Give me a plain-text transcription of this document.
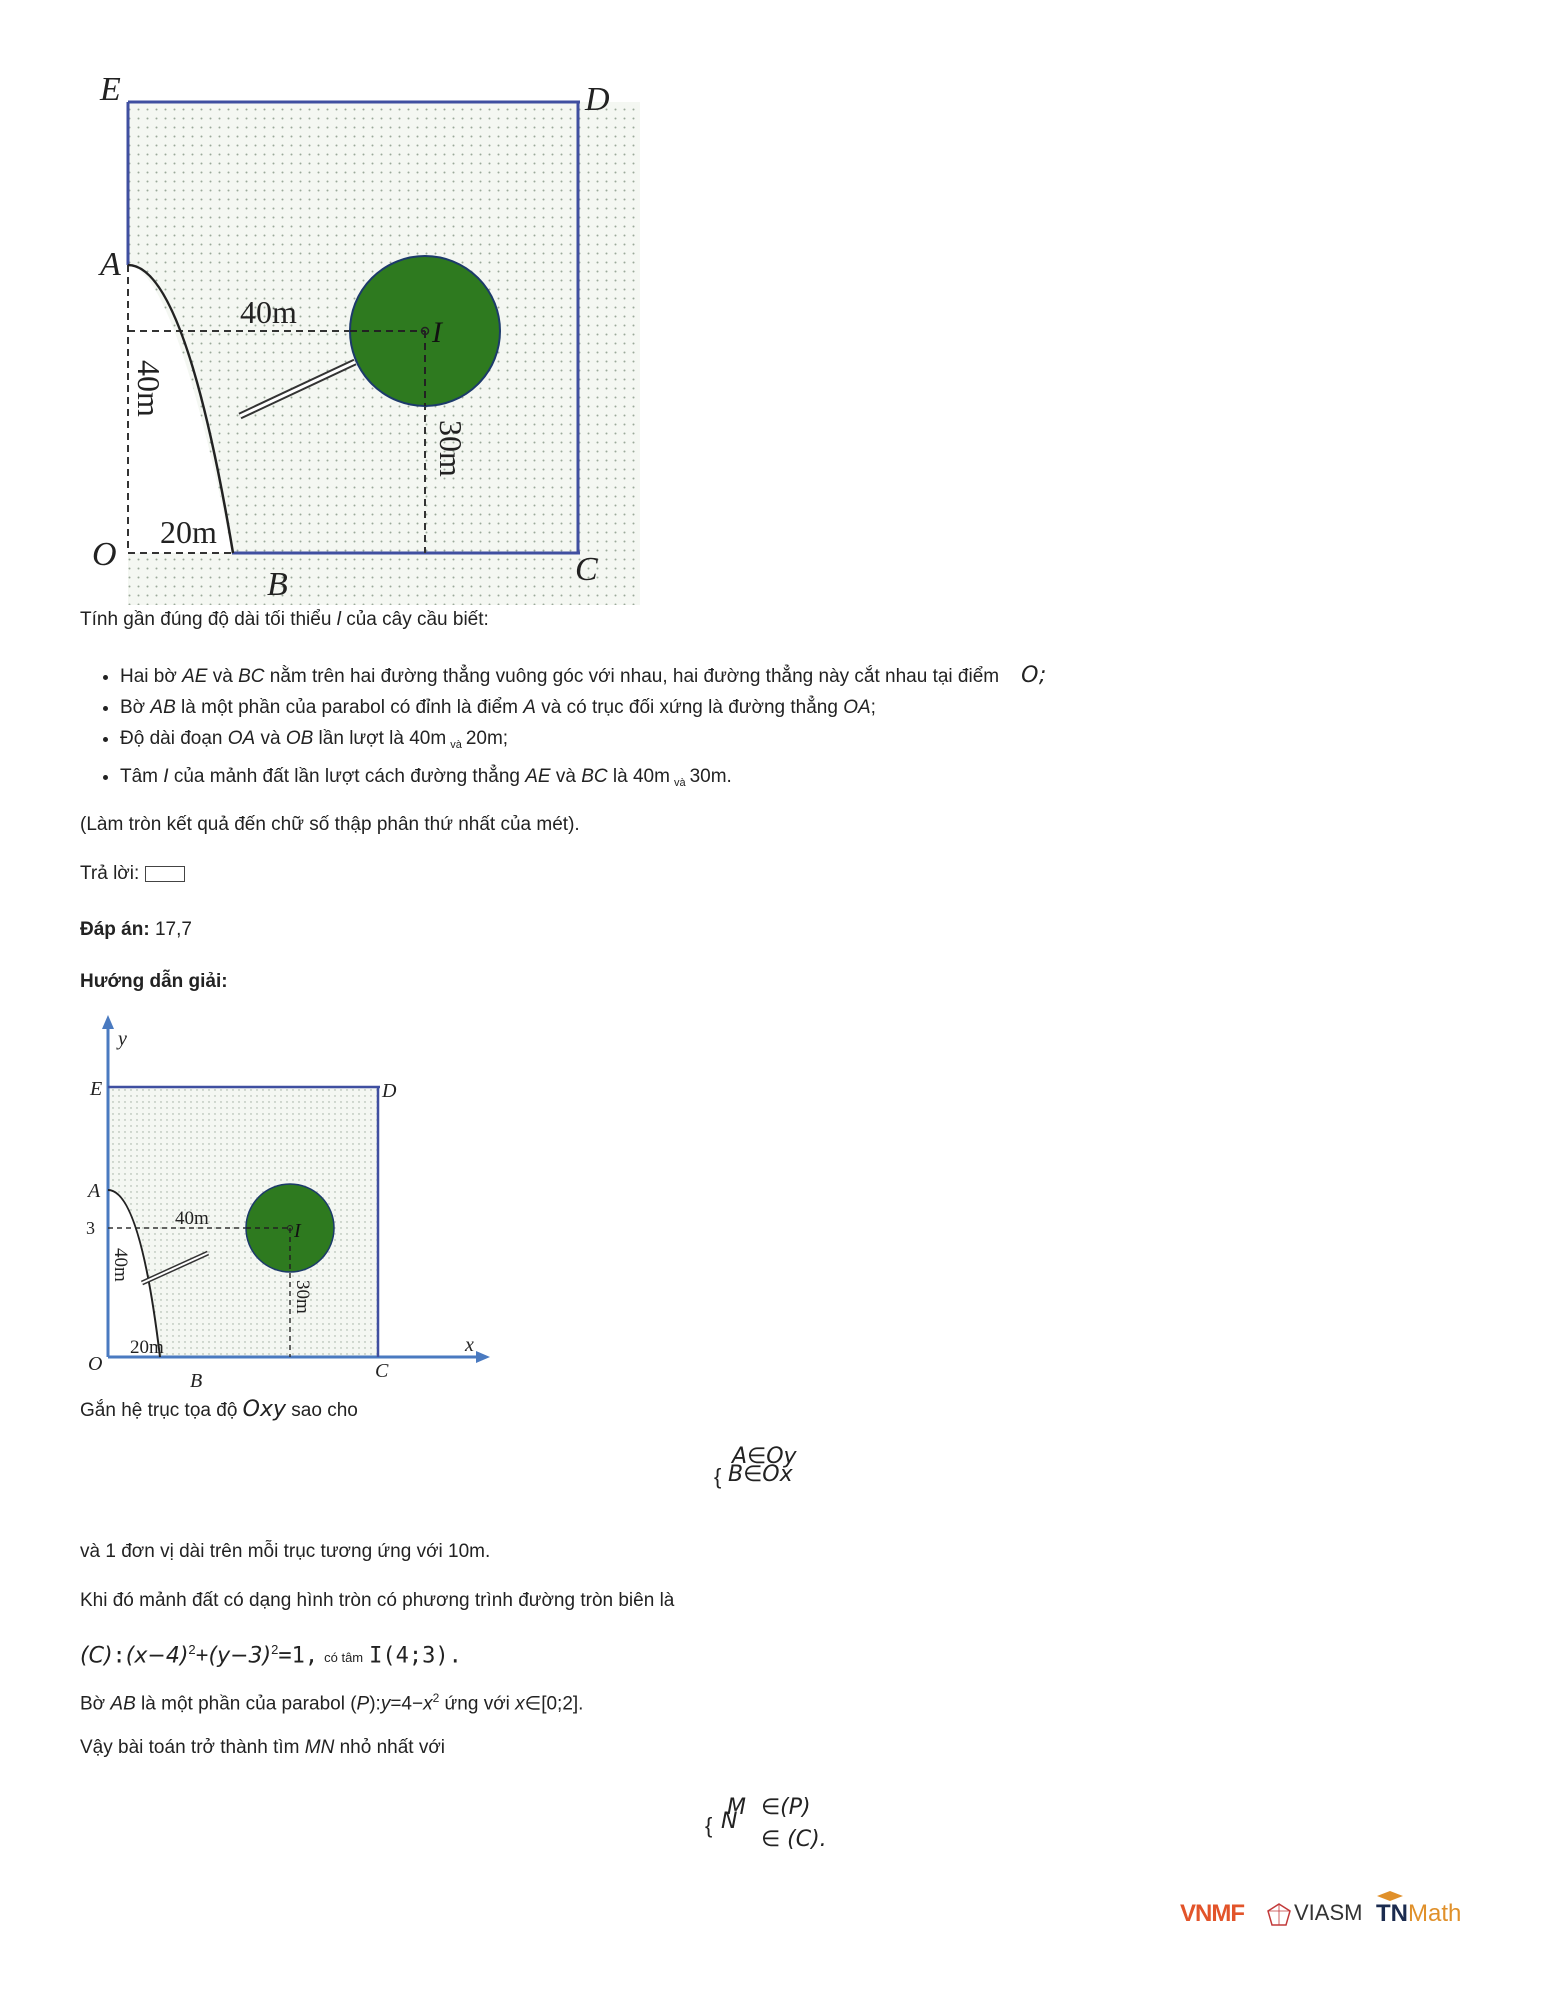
E	D
A
I
O
B	C
40m
20m
40m
30m
Tính gần đúng độ dài tối thiểu l của cây cầu biết:
• Hai bờ AE và BC nằm trên hai đường thẳng vuông góc với nhau, hai đường thẳng này cắt nhau tại điểm O;
• Bờ AB là một phần của parabol có đỉnh là điểm A và có trục đối xứng là đường thẳng OA;
• Độ dài đoạn OA và OB lần lượt là 40m $_{và}$ 20m;
• Tâm I của mảnh đất lần lượt cách đường thẳng AE và BC là 40m $_{và}$ 30m.
(Làm tròn kết quả đến chữ số thập phân thứ nhất của mét).
Trả lời:
Đáp án: 17,7
Hướng dẫn giải:
y
x
E	D
A
3	I
O
B	C
40m
20m
40m
30m
Gắn hệ trục tọa độ Oxy sao cho
{
A∈Oy
B∈Ox
và 1 đơn vị dài trên mỗi trục tương ứng với 10m.
Khi đó mảnh đất có dạng hình tròn có phương trình đường tròn biên là
$(C):(x-4)^2+(y-3)^2=1$, có tâm I(4;3).
Bờ AB là một phần của parabol $(P):y=4-x^2$ ứng với x∈[0;2].
Vậy bài toán trở thành tìm MN nhỏ nhất với
{
M ∈(P)
N
∈ (C).
VNMF VIASM TNMath
